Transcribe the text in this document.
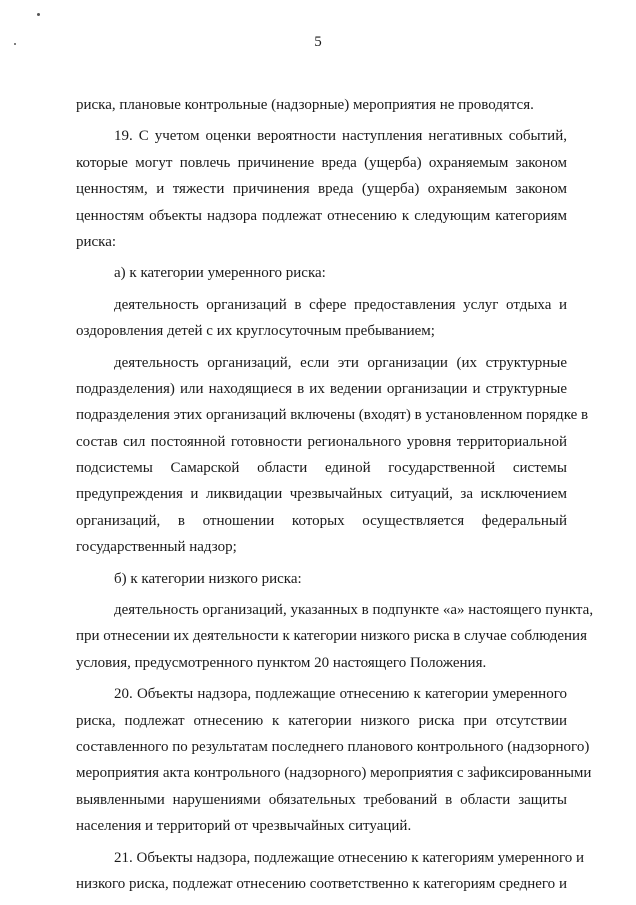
5
риска, плановые контрольные (надзорные) мероприятия не проводятся.
19. С учетом оценки вероятности наступления негативных событий,
которые могут повлечь причинение вреда (ущерба) охраняемым законом
ценностям, и тяжести причинения вреда (ущерба) охраняемым законом
ценностям объекты надзора подлежат отнесению к следующим категориям
риска:
а) к категории умеренного риска:
деятельность организаций в сфере предоставления услуг отдыха и
оздоровления детей с их круглосуточным пребыванием;
деятельность организаций, если эти организации (их структурные
подразделения) или находящиеся в их ведении организации и структурные
подразделения этих организаций включены (входят) в установленном порядке в
состав сил постоянной готовности регионального уровня территориальной
подсистемы Самарской области единой государственной системы
предупреждения и ликвидации чрезвычайных ситуаций, за исключением
организаций, в отношении которых осуществляется федеральный
государственный надзор;
б) к категории низкого риска:
деятельность организаций, указанных в подпункте «а» настоящего пункта,
при отнесении их деятельности к категории низкого риска в случае соблюдения
условия, предусмотренного пунктом 20 настоящего Положения.
20. Объекты надзора, подлежащие отнесению к категории умеренного
риска, подлежат отнесению к категории низкого риска при отсутствии
составленного по результатам последнего планового контрольного (надзорного)
мероприятия акта контрольного (надзорного) мероприятия с зафиксированными
выявленными нарушениями обязательных требований в области защиты
населения и территорий от чрезвычайных ситуаций.
21. Объекты надзора, подлежащие отнесению к категориям умеренного и
низкого риска, подлежат отнесению соответственно к категориям среднего и
